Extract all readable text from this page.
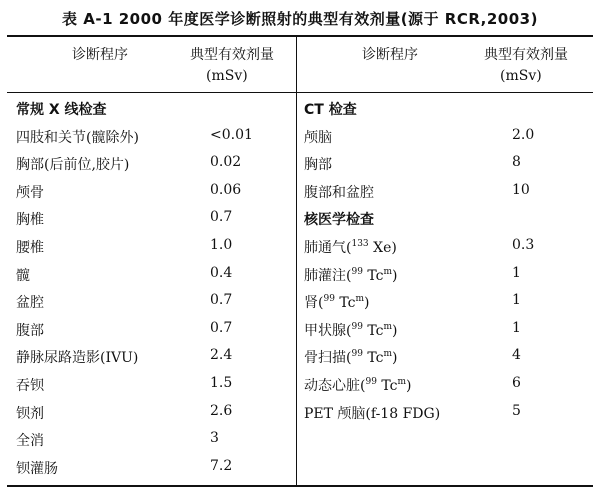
表 A-1 2000 年度医学诊断照射的典型有效剂量(源于 RCR,2003)
诊断程序	典型有效剂量
(mSv)
诊断程序	典型有效剂量
(mSv)
常规 X 线检查
四肢和关节(髋除外)	<0.01
胸部(后前位,胶片)	0.02
颅骨	0.06
胸椎	0.7
腰椎	1.0
髋	0.4
盆腔	0.7
腹部	0.7
静脉尿路造影(IVU)	2.4
吞钡	1.5
钡剂	2.6
全消	3
钡灌肠	7.2
CT 检查
颅脑	2.0
胸部	8
腹部和盆腔	10
核医学检查
肺通气($^{133}$ Xe)	0.3
肺灌注($^{99}$ Tc$^m$)	1
肾($^{99}$ Tc$^m$)	1
甲状腺($^{99}$ Tc$^m$)	1
骨扫描($^{99}$ Tc$^m$)	4
动态心脏($^{99}$ Tc$^m$)	6
PET 颅脑(f-18 FDG)	5
